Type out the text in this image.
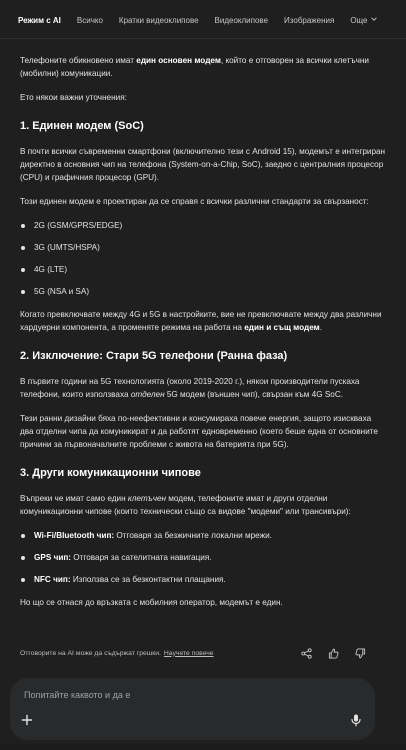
Режим с AI Всичко Кратки видеоклипове Видеоклипове Изображения Още

Телефоните обикновено имат един основен модем, който е отговорен за всички клетъчни (мобилни) комуникации.

Ето някои важни уточнения:

1. Единен модем (SoC)

В почти всички съвременни смартфони (включително тези с Android 15), модемът е интегриран директно в основния чип на телефона (System-on-a-Chip, SoC), заедно с централния процесор (CPU) и графичния процесор (GPU).

Този единен модем е проектиран да се справя с всички различни стандарти за свързаност:

2G (GSM/GPRS/EDGE)
3G (UMTS/HSPA)
4G (LTE)
5G (NSA и SA)

Когато превключвате между 4G и 5G в настройките, вие не превключвате между два различни хардуерни компонента, а променяте режима на работа на един и същ модем.

2. Изключение: Стари 5G телефони (Ранна фаза)

В първите години на 5G технологията (около 2019-2020 г.), някои производители пускаха телефони, които използваха отделен 5G модем (външен чип), свързан към 4G SoC.

Тези ранни дизайни бяха по-неефективни и консумираха повече енергия, защото изискваха два отделни чипа да комуникират и да работят едновременно (което беше една от основните причини за първоначалните проблеми с живота на батерията при 5G).

3. Други комуникационни чипове

Въпреки че имат само един клетъчен модем, телефоните имат и други отделни комуникационни чипове (които технически също са видове "модеми" или трансивъри):

Wi-Fi/Bluetooth чип: Отговаря за безжичните локални мрежи.
GPS чип: Отговаря за сателитната навигация.
NFC чип: Използва се за безконтактни плащания.

Но що се отнася до връзката с мобилния оператор, модемът е един.

Отговорите на AI може да съдържат грешки. Научете повече
Попитайте каквото и да е
